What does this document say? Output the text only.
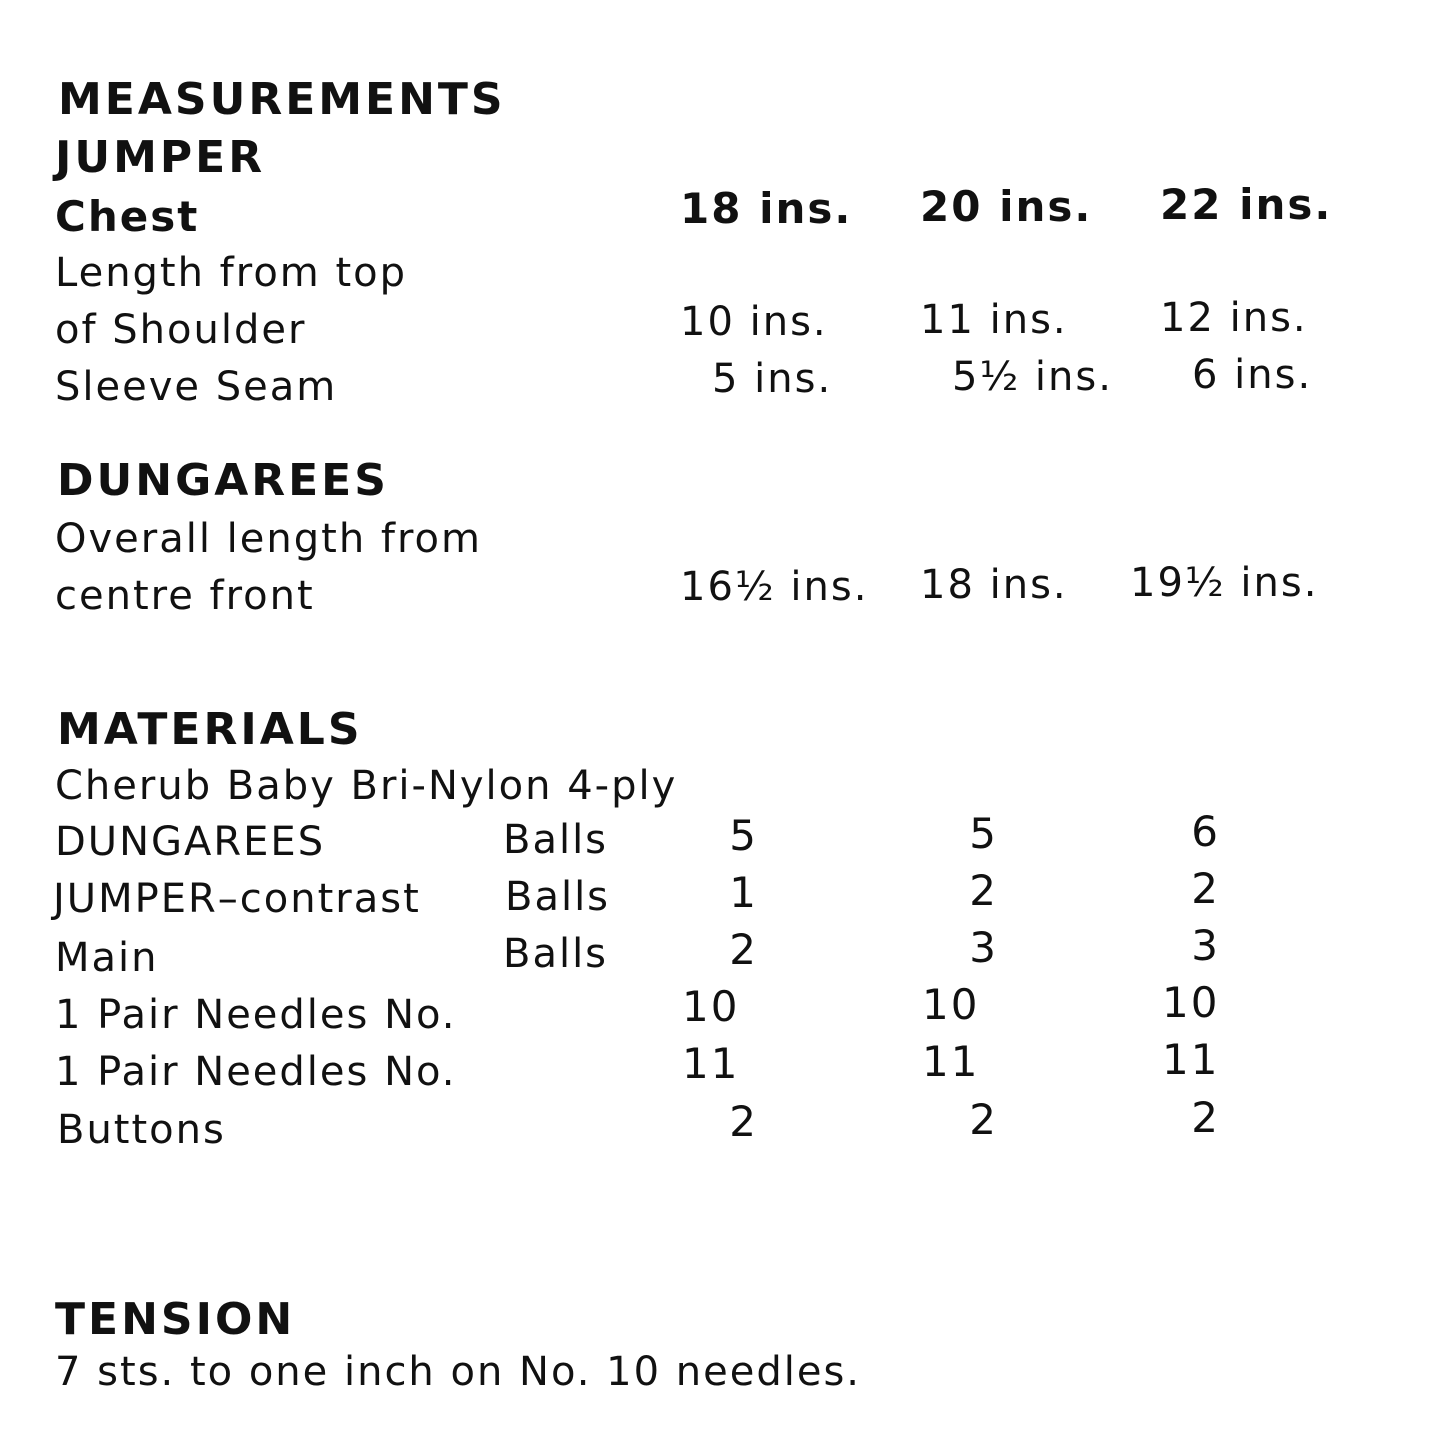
MEASUREMENTS
JUMPER
Chest	18 ins. 20 ins. 22 ins.
Length from top
of Shoulder	10 ins. 11 ins. 12 ins.
Sleeve Seam	5 ins.	5½ ins. 6 ins.
DUNGAREES
Overall length from
centre front	16½ ins. 18 ins. 19½ ins.
MATERIALS
Cherub Baby Bri-Nylon 4-ply
DUNGAREES	Balls	5	5	6
JUMPER–contrast Balls	1	2	2
Main	Balls	2	3	3
1 Pair Needles No.	10	10	10
1 Pair Needles No.	11	11	11
Buttons	2	2	2
TENSION
7 sts. to one inch on No. 10 needles.
